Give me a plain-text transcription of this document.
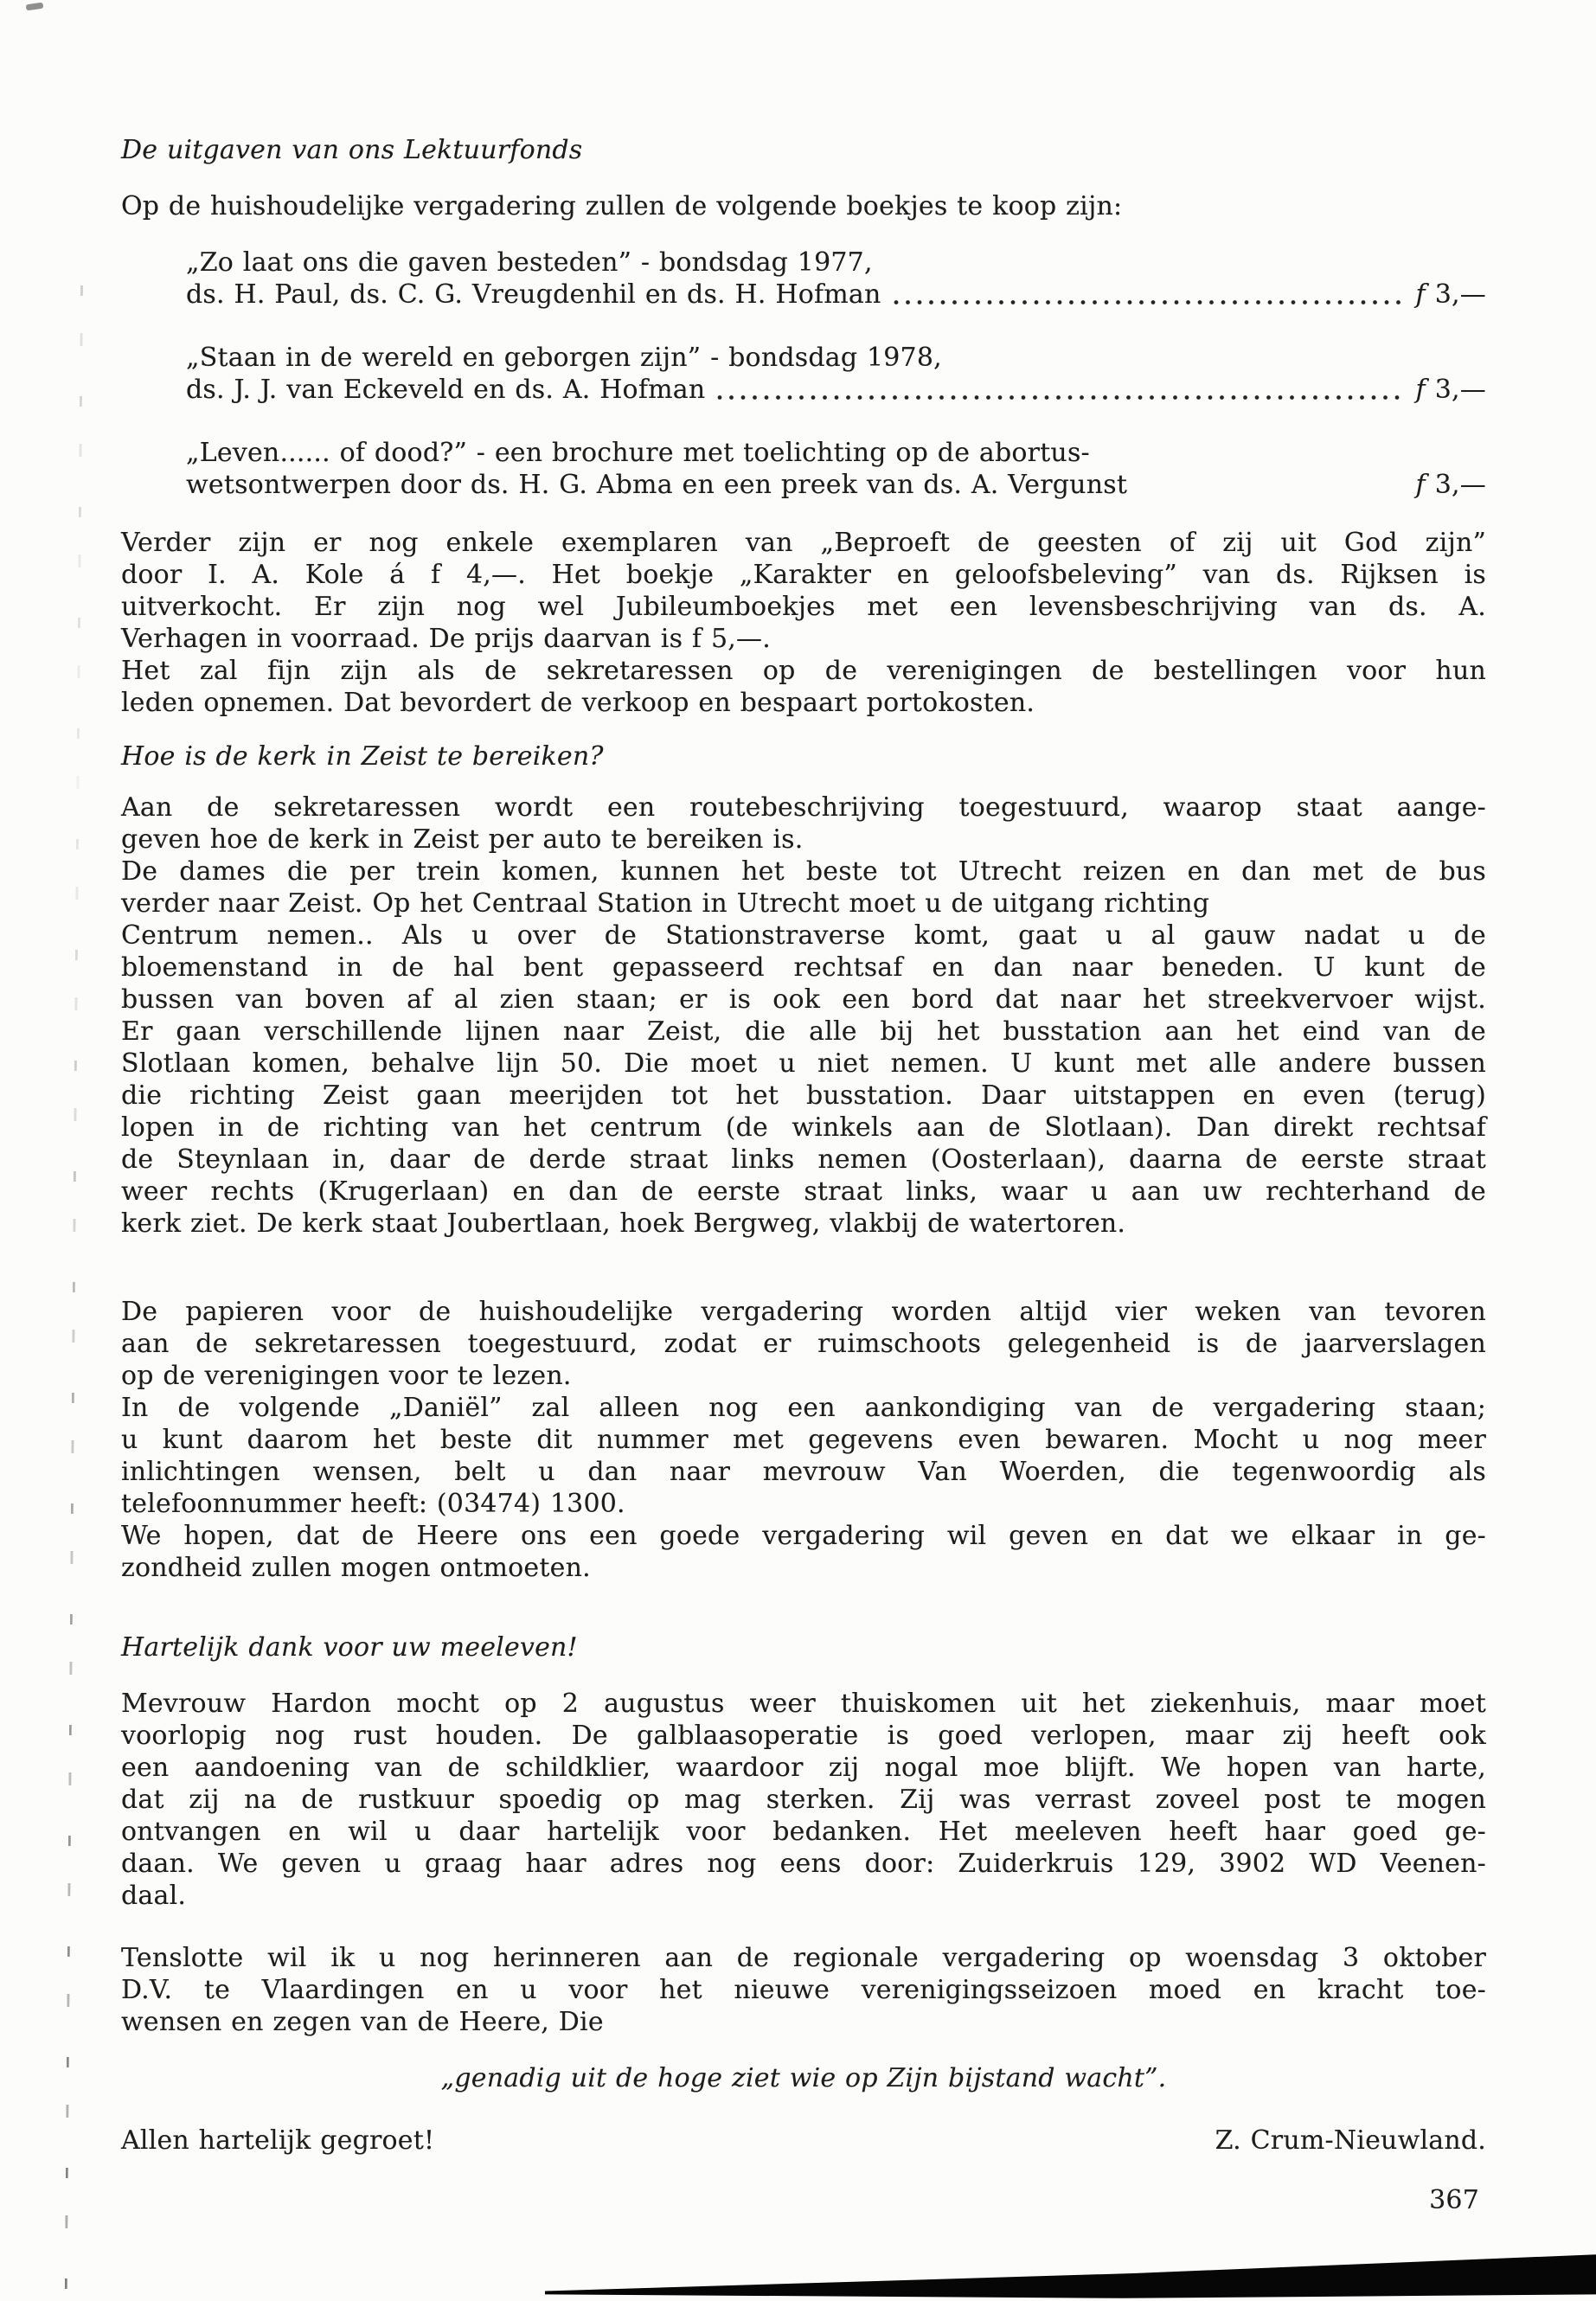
De uitgaven van ons Lektuurfonds
Op de huishoudelijke vergadering zullen de volgende boekjes te koop zijn:
„Zo laat ons die gaven besteden” - bondsdag 1977,
ds. H. Paul, ds. C. G. Vreugdenhil en ds. H. Hofman	f 3,—
„Staan in de wereld en geborgen zijn” - bondsdag 1978,
ds. J. J. van Eckeveld en ds. A. Hofman	f 3,—
„Leven...... of dood?” - een brochure met toelichting op de abortus-
wetsontwerpen door ds. H. G. Abma en een preek van ds. A. Vergunst	f 3,—
Verder zijn er nog enkele exemplaren van „Beproeft de geesten of zij uit God zijn”
door I. A. Kole á f 4,—. Het boekje „Karakter en geloofsbeleving” van ds. Rijksen is
uitverkocht. Er zijn nog wel Jubileumboekjes met een levensbeschrijving van ds. A.
Verhagen in voorraad. De prijs daarvan is f 5,—.
Het zal fijn zijn als de sekretaressen op de verenigingen de bestellingen voor hun
leden opnemen. Dat bevordert de verkoop en bespaart portokosten.
Hoe is de kerk in Zeist te bereiken?
Aan de sekretaressen wordt een routebeschrijving toegestuurd, waarop staat aange-
geven hoe de kerk in Zeist per auto te bereiken is.
De dames die per trein komen, kunnen het beste tot Utrecht reizen en dan met de bus
verder naar Zeist. Op het Centraal Station in Utrecht moet u de uitgang richting
Centrum nemen.. Als u over de Stationstraverse komt, gaat u al gauw nadat u de
bloemenstand in de hal bent gepasseerd rechtsaf en dan naar beneden. U kunt de
bussen van boven af al zien staan; er is ook een bord dat naar het streekvervoer wijst.
Er gaan verschillende lijnen naar Zeist, die alle bij het busstation aan het eind van de
Slotlaan komen, behalve lijn 50. Die moet u niet nemen. U kunt met alle andere bussen
die richting Zeist gaan meerijden tot het busstation. Daar uitstappen en even (terug)
lopen in de richting van het centrum (de winkels aan de Slotlaan). Dan direkt rechtsaf
de Steynlaan in, daar de derde straat links nemen (Oosterlaan), daarna de eerste straat
weer rechts (Krugerlaan) en dan de eerste straat links, waar u aan uw rechterhand de
kerk ziet. De kerk staat Joubertlaan, hoek Bergweg, vlakbij de watertoren.
De papieren voor de huishoudelijke vergadering worden altijd vier weken van tevoren
aan de sekretaressen toegestuurd, zodat er ruimschoots gelegenheid is de jaarverslagen
op de verenigingen voor te lezen.
In de volgende „Daniël” zal alleen nog een aankondiging van de vergadering staan;
u kunt daarom het beste dit nummer met gegevens even bewaren. Mocht u nog meer
inlichtingen wensen, belt u dan naar mevrouw Van Woerden, die tegenwoordig als
telefoonnummer heeft: (03474) 1300.
We hopen, dat de Heere ons een goede vergadering wil geven en dat we elkaar in ge-
zondheid zullen mogen ontmoeten.
Hartelijk dank voor uw meeleven!
Mevrouw Hardon mocht op 2 augustus weer thuiskomen uit het ziekenhuis, maar moet
voorlopig nog rust houden. De galblaasoperatie is goed verlopen, maar zij heeft ook
een aandoening van de schildklier, waardoor zij nogal moe blijft. We hopen van harte,
dat zij na de rustkuur spoedig op mag sterken. Zij was verrast zoveel post te mogen
ontvangen en wil u daar hartelijk voor bedanken. Het meeleven heeft haar goed ge-
daan. We geven u graag haar adres nog eens door: Zuiderkruis 129, 3902 WD Veenen-
daal.
Tenslotte wil ik u nog herinneren aan de regionale vergadering op woensdag 3 oktober
D.V. te Vlaardingen en u voor het nieuwe verenigingsseizoen moed en kracht toe-
wensen en zegen van de Heere, Die
„genadig uit de hoge ziet wie op Zijn bijstand wacht”.
Allen hartelijk gegroet!	Z. Crum-Nieuwland.
367
